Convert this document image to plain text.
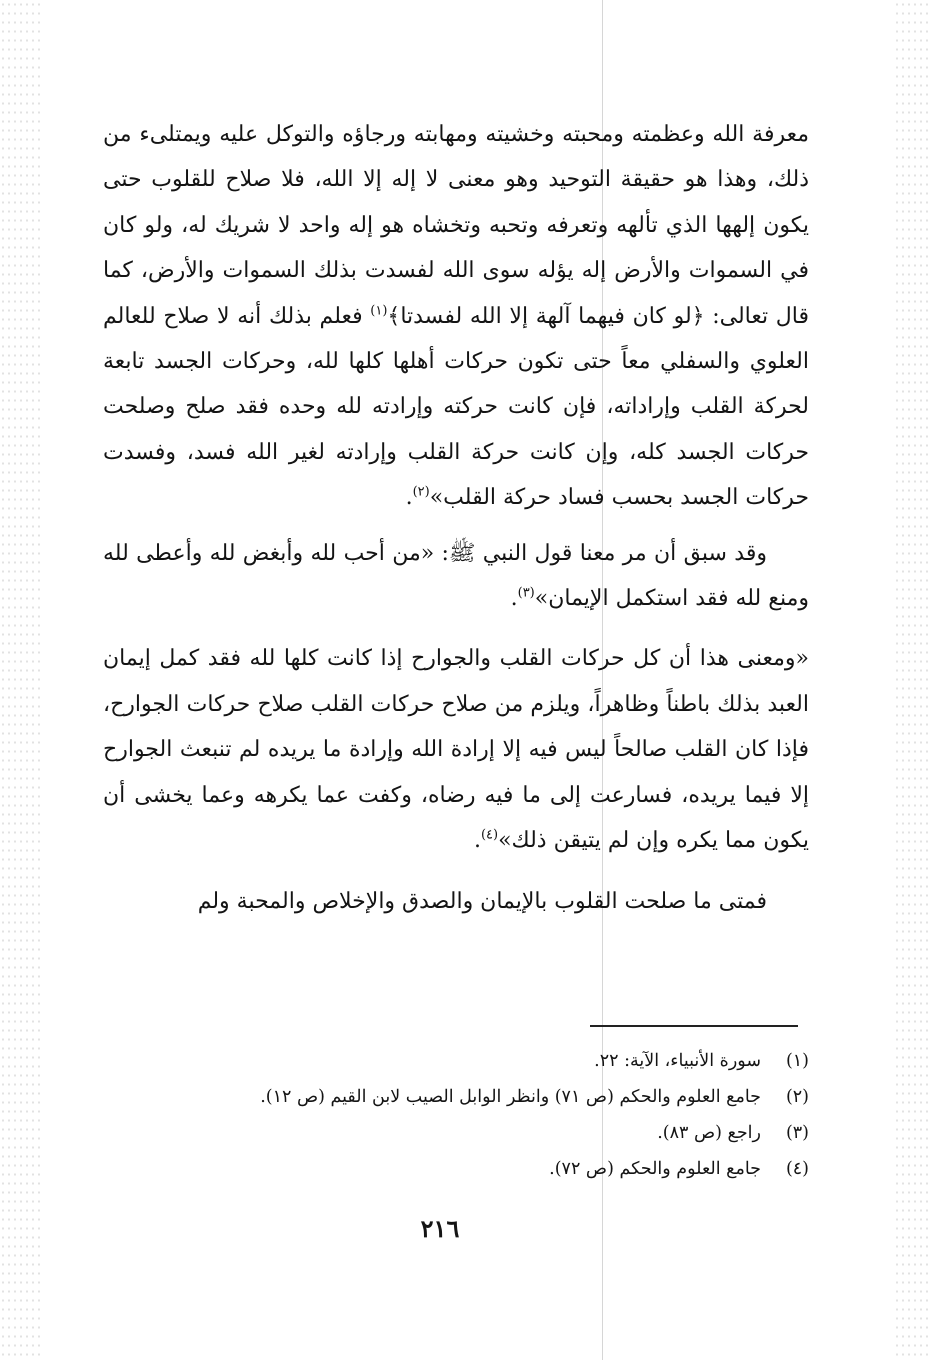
معرفة الله وعظمته ومحبته وخشيته ومهابته ورجاؤه والتوكل عليه ويمتلىء من ذلك، وهذا هو حقيقة التوحيد وهو معنى لا إله إلا الله، فلا صلاح للقلوب حتى يكون إلهها الذي تألهه وتعرفه وتحبه وتخشاه هو إله واحد لا شريك له، ولو كان في السموات والأرض إله يؤله سوى الله لفسدت بذلك السموات والأرض، كما قال تعالى: ﴿لو كان فيهما آلهة إلا الله لفسدتا﴾$^{(١)}$ فعلم بذلك أنه لا صلاح للعالم العلوي والسفلي معاً حتى تكون حركات أهلها كلها لله، وحركات الجسد تابعة لحركة القلب وإراداته، فإن كانت حركته وإرادته لله وحده فقد صلح وصلحت حركات الجسد كله، وإن كانت حركة القلب وإرادته لغير الله فسد، وفسدت حركات الجسد بحسب فساد حركة القلب»$^{(٢)}$.

وقد سبق أن مر معنا قول النبي ﷺ: «من أحب لله وأبغض لله وأعطى لله ومنع لله فقد استكمل الإيمان»$^{(٣)}$.

«ومعنى هذا أن كل حركات القلب والجوارح إذا كانت كلها لله فقد كمل إيمان العبد بذلك باطناً وظاهراً، ويلزم من صلاح حركات القلب صلاح حركات الجوارح، فإذا كان القلب صالحاً ليس فيه إلا إرادة الله وإرادة ما يريده لم تنبعث الجوارح إلا فيما يريده، فسارعت إلى ما فيه رضاه، وكفت عما يكرهه وعما يخشى أن يكون مما يكره وإن لم يتيقن ذلك»$^{(٤)}$.

فمتى ما صلحت القلوب بالإيمان والصدق والإخلاص والمحبة ولم

(١)سورة الأنبياء، الآية: ٢٢.
(٢)جامع العلوم والحكم (ص ٧١) وانظر الوابل الصيب لابن القيم (ص ١٢).
(٣)راجع (ص ٨٣).
(٤)جامع العلوم والحكم (ص ٧٢).
٢١٦
